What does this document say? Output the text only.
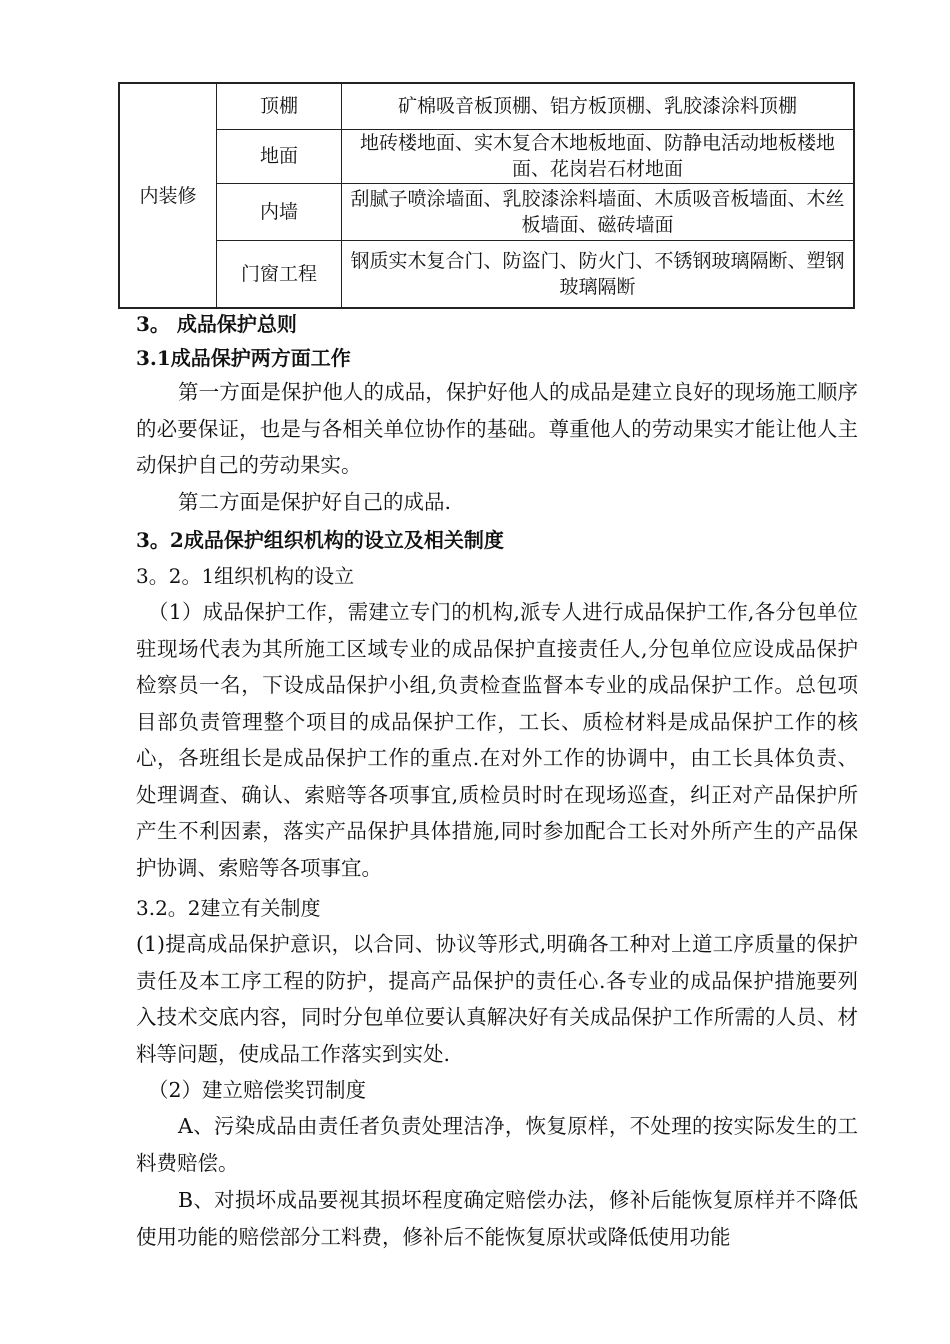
内装修	顶棚	矿棉吸音板顶棚、铝方板顶棚、乳胶漆涂料顶棚
	地面	地砖楼地面、实木复合木地板地面、防静电活动地板楼地面、花岗岩石材地面
	内墙	刮腻子喷涂墙面、乳胶漆涂料墙面、木质吸音板墙面、木丝板墙面、磁砖墙面
	门窗工程	钢质实木复合门、防盗门、防火门、不锈钢玻璃隔断、塑钢玻璃隔断
3。 成品保护总则
3.1成品保护两方面工作
第一方面是保护他人的成品，保护好他人的成品是建立良好的现场施工顺序的必要保证，也是与各相关单位协作的基础。尊重他人的劳动果实才能让他人主动保护自己的劳动果实。
第二方面是保护好自己的成品.
3。2成品保护组织机构的设立及相关制度
3。2。1组织机构的设立
（1）成品保护工作，需建立专门的机构,派专人进行成品保护工作,各分包单位驻现场代表为其所施工区域专业的成品保护直接责任人,分包单位应设成品保护检察员一名，下设成品保护小组,负责检查监督本专业的成品保护工作。总包项目部负责管理整个项目的成品保护工作，工长、质检材料是成品保护工作的核心，各班组长是成品保护工作的重点.在对外工作的协调中，由工长具体负责、处理调查、确认、索赔等各项事宜,质检员时时在现场巡查，纠正对产品保护所产生不利因素，落实产品保护具体措施,同时参加配合工长对外所产生的产品保护协调、索赔等各项事宜。
3.2。2建立有关制度
(1)提高成品保护意识，以合同、协议等形式,明确各工种对上道工序质量的保护责任及本工序工程的防护，提高产品保护的责任心.各专业的成品保护措施要列入技术交底内容，同时分包单位要认真解决好有关成品保护工作所需的人员、材料等问题，使成品工作落实到实处.
（2）建立赔偿奖罚制度
A、污染成品由责任者负责处理洁净，恢复原样，不处理的按实际发生的工料费赔偿。
B、对损坏成品要视其损坏程度确定赔偿办法，修补后能恢复原样并不降低使用功能的赔偿部分工料费，修补后不能恢复原状或降低使用功能
